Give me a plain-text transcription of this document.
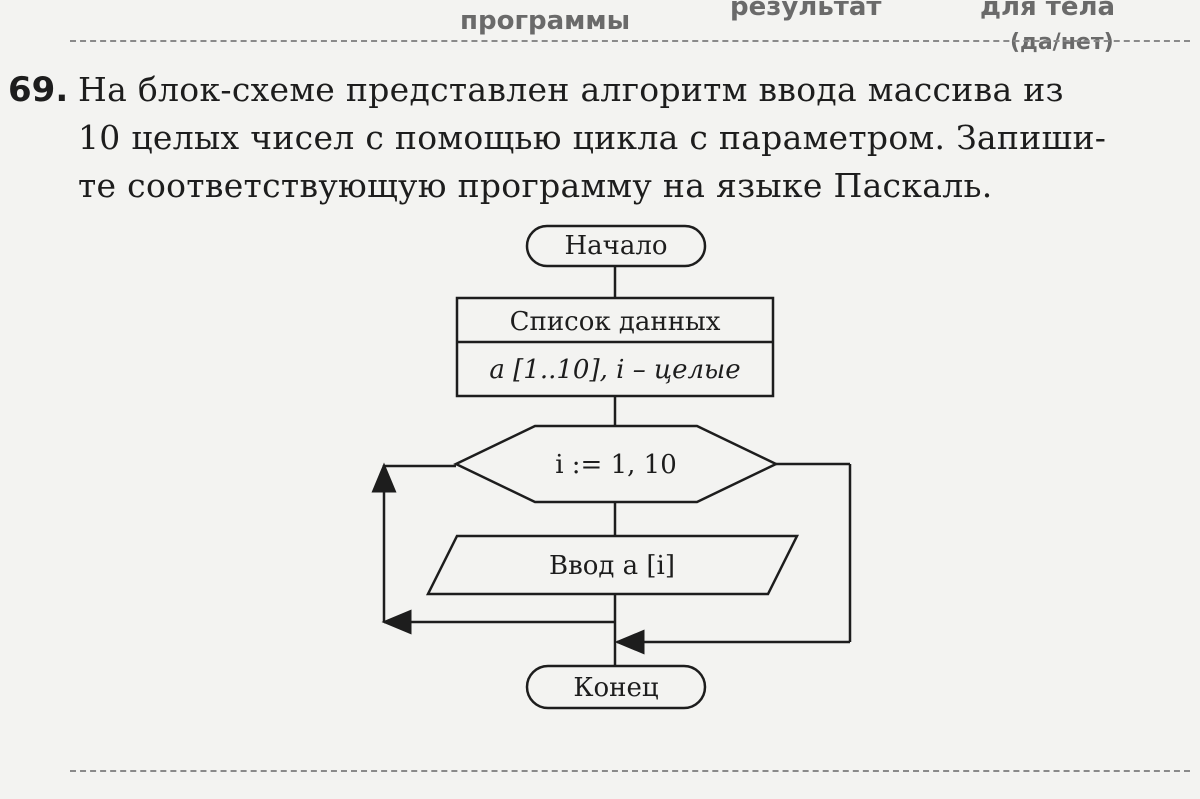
программы	результат	для тела
(да/нет)
69. На блок-схеме представлен алгоритм ввода массива из
10 целых чисел с помощью цикла с параметром. Запиши-
те соответствующую программу на языке Паскаль.
Начало
Список данных
a [1..10], i – целые
i := 1, 10
Ввод a [i]
Конец
